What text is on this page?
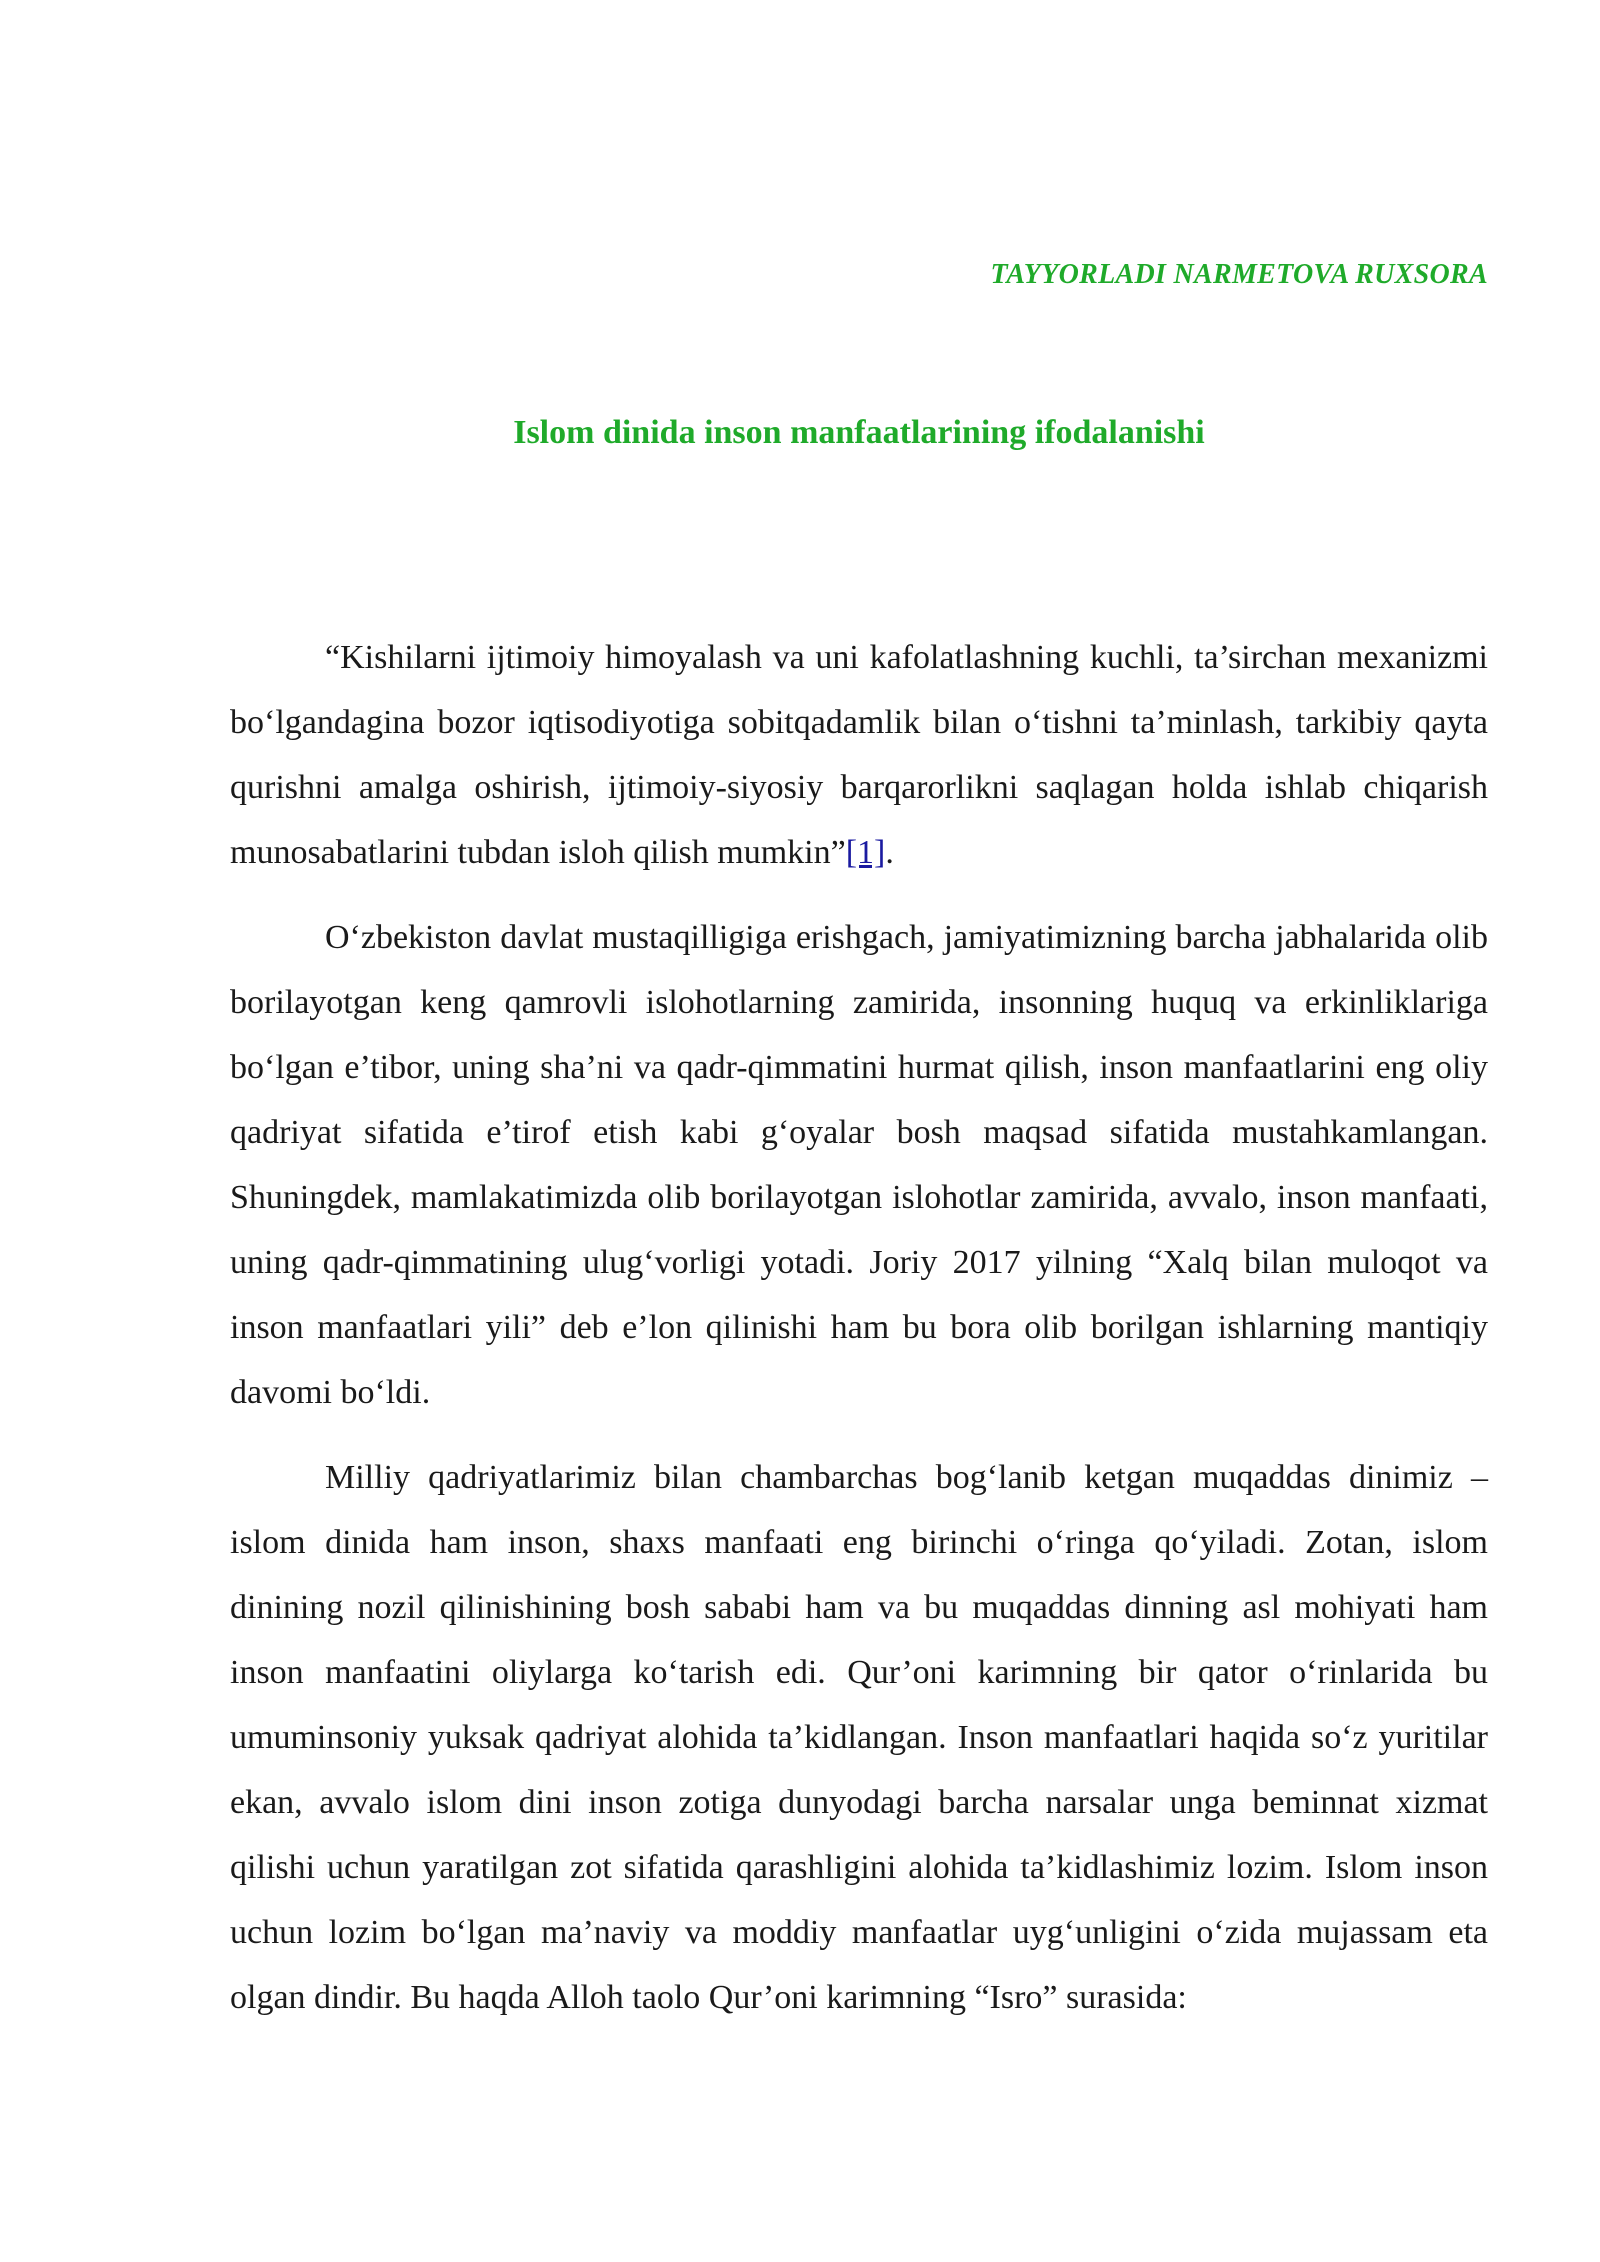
TAYYORLADI NARMETOVA RUXSORA
Islom dinida inson manfaatlarining ifodalanishi

“Kishilarni ijtimoiy himoyalash va uni kafolatlashning kuchli, ta’sirchan mexanizmi bo‘lgandagina bozor iqtisodiyotiga sobitqadamlik bilan o‘tishni ta’minlash, tarkibiy qayta qurishni amalga oshirish, ijtimoiy-siyosiy barqarorlikni saqlagan holda ishlab chiqarish munosabatlarini tubdan isloh qilish mumkin”[1].

O‘zbekiston davlat mustaqilligiga erishgach, jamiyatimizning barcha jabhalarida olib borilayotgan keng qamrovli islohotlarning zamirida, insonning huquq va erkinliklariga bo‘lgan e’tibor, uning sha’ni va qadr-qimmatini hurmat qilish, inson manfaatlarini eng oliy qadriyat sifatida e’tirof etish kabi g‘oyalar bosh maqsad sifatida mustahkamlangan. Shuningdek, mamlakatimizda olib borilayotgan islohotlar zamirida, avvalo, inson manfaati, uning qadr-qimmatining ulug‘vorligi yotadi. Joriy 2017 yilning “Xalq bilan muloqot va inson manfaatlari yili” deb e’lon qilinishi ham bu bora olib borilgan ishlarning mantiqiy davomi bo‘ldi.

Milliy qadriyatlarimiz bilan chambarchas bog‘lanib ketgan muqaddas dinimiz – islom dinida ham inson, shaxs manfaati eng birinchi o‘ringa qo‘yiladi. Zotan, islom dinining nozil qilinishining bosh sababi ham va bu muqaddas dinning asl mohiyati ham inson manfaatini oliylarga ko‘tarish edi. Qur’oni karimning bir qator o‘rinlarida bu umuminsoniy yuksak qadriyat alohida ta’kidlangan. Inson manfaatlari haqida so‘z yuritilar ekan, avvalo islom dini inson zotiga dunyodagi barcha narsalar unga beminnat xizmat qilishi uchun yaratilgan zot sifatida qarashligini alohida ta’kidlashimiz lozim. Islom inson uchun lozim bo‘lgan ma’naviy va moddiy manfaatlar uyg‘unligini o‘zida mujassam eta olgan dindir. Bu haqda Alloh taolo Qur’oni karimning “Isro” surasida:
